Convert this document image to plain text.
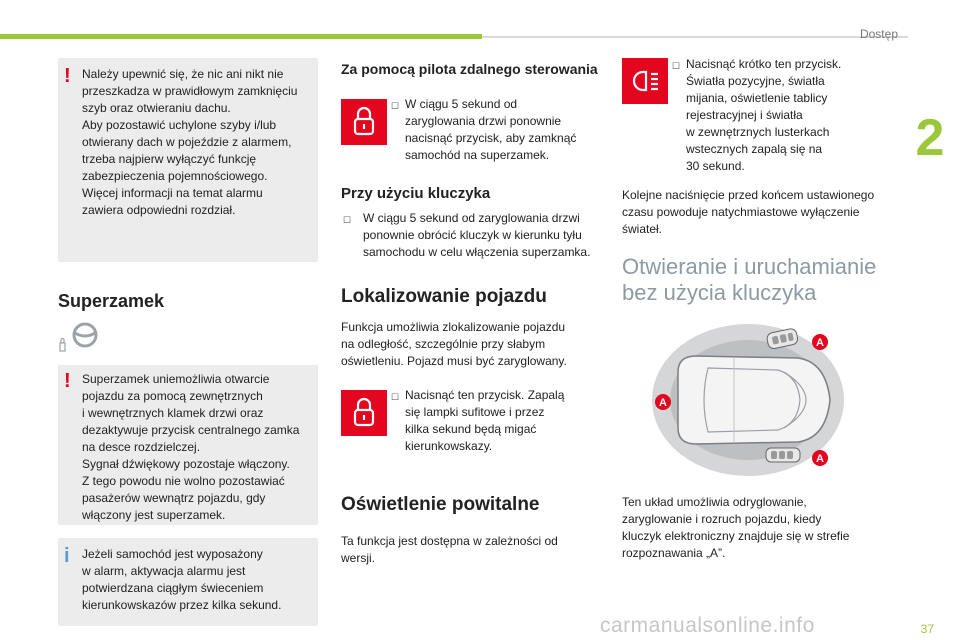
Dostęp
2
37
carmanualsonline.info
! Należy upewnić się, że nic ani nikt nie

przeszkadza w prawidłowym zamknięciu

szyb oraz otwieraniu dachu.

Aby pozostawić uchylone szyby i/lub

otwierany dach w pojeździe z alarmem,

trzeba najpierw wyłączyć funkcję

zabezpieczenia pojemnościowego.

Więcej informacji na temat alarmu

zawiera odpowiedni rozdział.

Superzamek
! Superzamek uniemożliwia otwarcie

pojazdu za pomocą zewnętrznych

i wewnętrznych klamek drzwi oraz

dezaktywuje przycisk centralnego zamka

na desce rozdzielczej.

Sygnał dźwiękowy pozostaje włączony.

Z tego powodu nie wolno pozostawiać

pasażerów wewnątrz pojazdu, gdy

włączony jest superzamek.

i	Jeżeli samochód jest wyposażony

w alarm, aktywacja alarmu jest

potwierdzana ciągłym świeceniem

kierunkowskazów przez kilka sekund.

Za pomocą pilota zdalnego sterowania
☐ W ciągu 5 sekund od
zaryglowania drzwi ponownie
nacisnąć przycisk, aby zamknąć
samochód na superzamek.
Przy użyciu kluczyka
☐ W ciągu 5 sekund od zaryglowania drzwi
ponownie obrócić kluczyk w kierunku tyłu
samochodu w celu włączenia superzamka.
Lokalizowanie pojazdu
Funkcja umożliwia zlokalizowanie pojazdu
na odległość, szczególnie przy słabym
oświetleniu. Pojazd musi być zaryglowany.
☐ Nacisnąć ten przycisk. Zapalą
się lampki sufitowe i przez
kilka sekund będą migać
kierunkowskazy.
Oświetlenie powitalne
Ta funkcja jest dostępna w zależności od
wersji.
☐ Nacisnąć krótko ten przycisk.
Światła pozycyjne, światła
mijania, oświetlenie tablicy
rejestracyjnej i światła
w zewnętrznych lusterkach
wstecznych zapalą się na
30 sekund.
Kolejne naciśnięcie przed końcem ustawionego
czasu powoduje natychmiastowe wyłączenie
świateł.
Otwieranie i uruchamianie
bez użycia kluczyka
A
A
A
Ten układ umożliwia odryglowanie,
zaryglowanie i rozruch pojazdu, kiedy
kluczyk elektroniczny znajduje się w strefie
rozpoznawania „A”.
